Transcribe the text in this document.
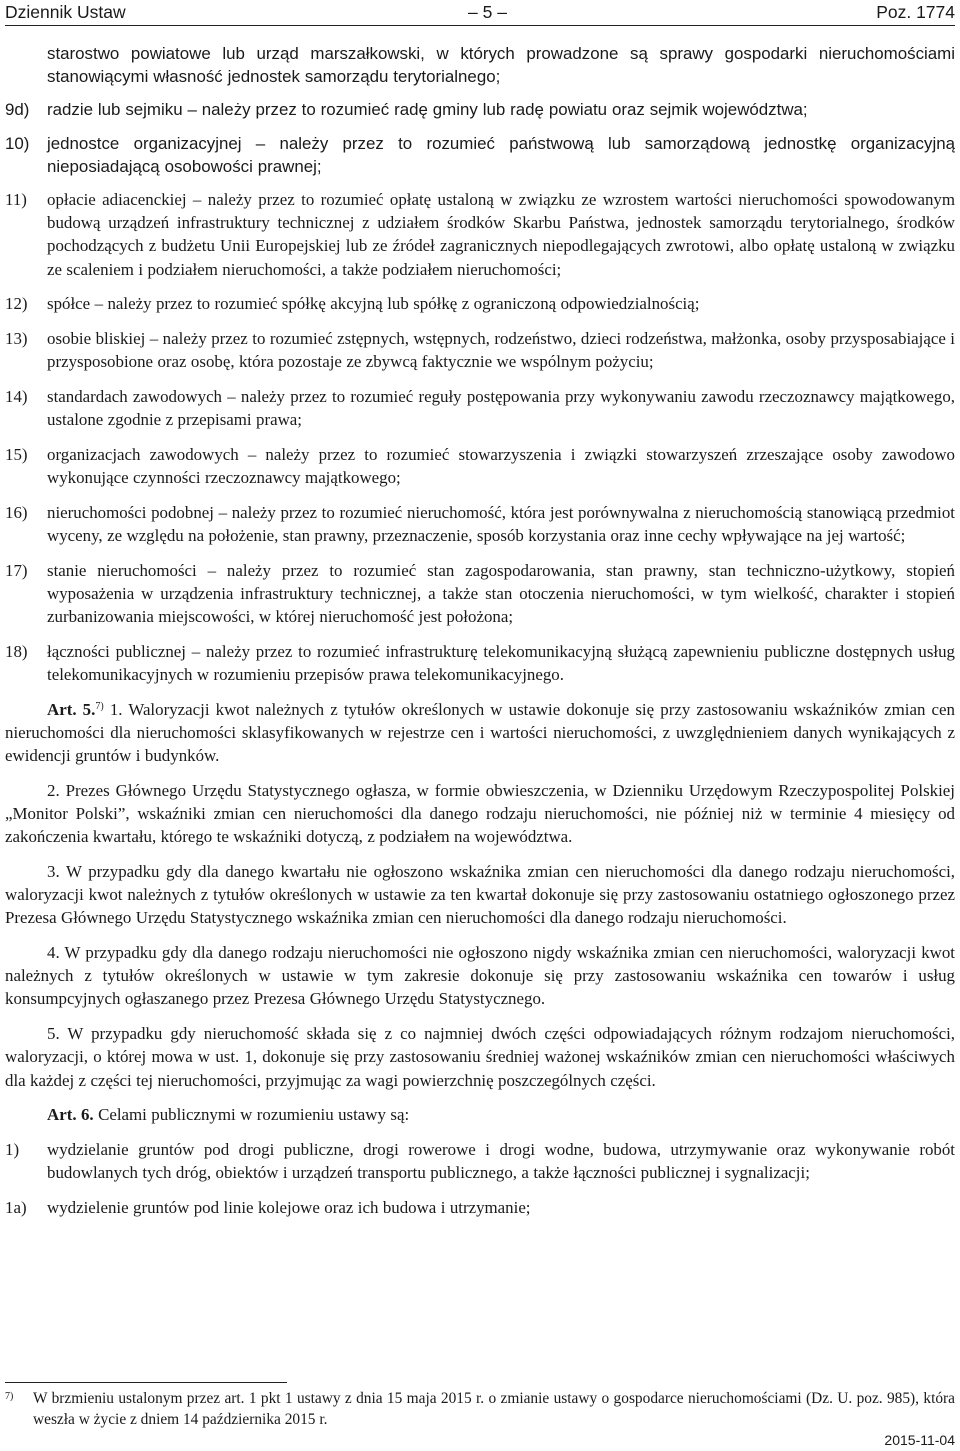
Dziennik Ustaw	– 5 –	Poz. 1774

starostwo powiatowe lub urząd marszałkowski, w których prowadzone są sprawy gospodarki nieruchomościami stanowiącymi własność jednostek samorządu terytorialnego;

9d) radzie lub sejmiku – należy przez to rozumieć radę gminy lub radę powiatu oraz sejmik województwa;
10) jednostce organizacyjnej – należy przez to rozumieć państwową lub samorządową jednostkę organizacyjną nieposiadającą osobowości prawnej;
11) opłacie adiacenckiej – należy przez to rozumieć opłatę ustaloną w związku ze wzrostem wartości nieruchomości spowodowanym budową urządzeń infrastruktury technicznej z udziałem środków Skarbu Państwa, jednostek samorządu terytorialnego, środków pochodzących z budżetu Unii Europejskiej lub ze źródeł zagranicznych niepodlegających zwrotowi, albo opłatę ustaloną w związku ze scaleniem i podziałem nieruchomości, a także podziałem nieruchomości;
12) spółce – należy przez to rozumieć spółkę akcyjną lub spółkę z ograniczoną odpowiedzialnością;
13) osobie bliskiej – należy przez to rozumieć zstępnych, wstępnych, rodzeństwo, dzieci rodzeństwa, małżonka, osoby przysposabiające i przysposobione oraz osobę, która pozostaje ze zbywcą faktycznie we wspólnym pożyciu;
14) standardach zawodowych – należy przez to rozumieć reguły postępowania przy wykonywaniu zawodu rzeczoznawcy majątkowego, ustalone zgodnie z przepisami prawa;
15) organizacjach zawodowych – należy przez to rozumieć stowarzyszenia i związki stowarzyszeń zrzeszające osoby zawodowo wykonujące czynności rzeczoznawcy majątkowego;
16) nieruchomości podobnej – należy przez to rozumieć nieruchomość, która jest porównywalna z nieruchomością stanowiącą przedmiot wyceny, ze względu na położenie, stan prawny, przeznaczenie, sposób korzystania oraz inne cechy wpływające na jej wartość;
17) stanie nieruchomości – należy przez to rozumieć stan zagospodarowania, stan prawny, stan techniczno-użytkowy, stopień wyposażenia w urządzenia infrastruktury technicznej, a także stan otoczenia nieruchomości, w tym wielkość, charakter i stopień zurbanizowania miejscowości, w której nieruchomość jest położona;
18) łączności publicznej – należy przez to rozumieć infrastrukturę telekomunikacyjną służącą zapewnieniu publiczne dostępnych usług telekomunikacyjnych w rozumieniu przepisów prawa telekomunikacyjnego.

Art. 5.$^{7)}$ 1. Waloryzacji kwot należnych z tytułów określonych w ustawie dokonuje się przy zastosowaniu wskaźników zmian cen nieruchomości dla nieruchomości sklasyfikowanych w rejestrze cen i wartości nieruchomości, z uwzględnieniem danych wynikających z ewidencji gruntów i budynków.

2. Prezes Głównego Urzędu Statystycznego ogłasza, w formie obwieszczenia, w Dzienniku Urzędowym Rzeczypospolitej Polskiej „Monitor Polski”, wskaźniki zmian cen nieruchomości dla danego rodzaju nieruchomości, nie później niż w terminie 4 miesięcy od zakończenia kwartału, którego te wskaźniki dotyczą, z podziałem na województwa.

3. W przypadku gdy dla danego kwartału nie ogłoszono wskaźnika zmian cen nieruchomości dla danego rodzaju nieruchomości, waloryzacji kwot należnych z tytułów określonych w ustawie za ten kwartał dokonuje się przy zastosowaniu ostatniego ogłoszonego przez Prezesa Głównego Urzędu Statystycznego wskaźnika zmian cen nieruchomości dla danego rodzaju nieruchomości.

4. W przypadku gdy dla danego rodzaju nieruchomości nie ogłoszono nigdy wskaźnika zmian cen nieruchomości, waloryzacji kwot należnych z tytułów określonych w ustawie w tym zakresie dokonuje się przy zastosowaniu wskaźnika cen towarów i usług konsumpcyjnych ogłaszanego przez Prezesa Głównego Urzędu Statystycznego.

5. W przypadku gdy nieruchomość składa się z co najmniej dwóch części odpowiadających różnym rodzajom nieruchomości, waloryzacji, o której mowa w ust. 1, dokonuje się przy zastosowaniu średniej ważonej wskaźników zmian cen nieruchomości właściwych dla każdej z części tej nieruchomości, przyjmując za wagi powierzchnię poszczególnych części.

Art. 6. Celami publicznymi w rozumieniu ustawy są:

1) wydzielanie gruntów pod drogi publiczne, drogi rowerowe i drogi wodne, budowa, utrzymywanie oraz wykonywanie robót budowlanych tych dróg, obiektów i urządzeń transportu publicznego, a także łączności publicznej i sygnalizacji;
1a) wydzielenie gruntów pod linie kolejowe oraz ich budowa i utrzymanie;
7) W brzmieniu ustalonym przez art. 1 pkt 1 ustawy z dnia 15 maja 2015 r. o zmianie ustawy o gospodarce nieruchomościami (Dz. U. poz. 985), która weszła w życie z dniem 14 października 2015 r.
2015-11-04
